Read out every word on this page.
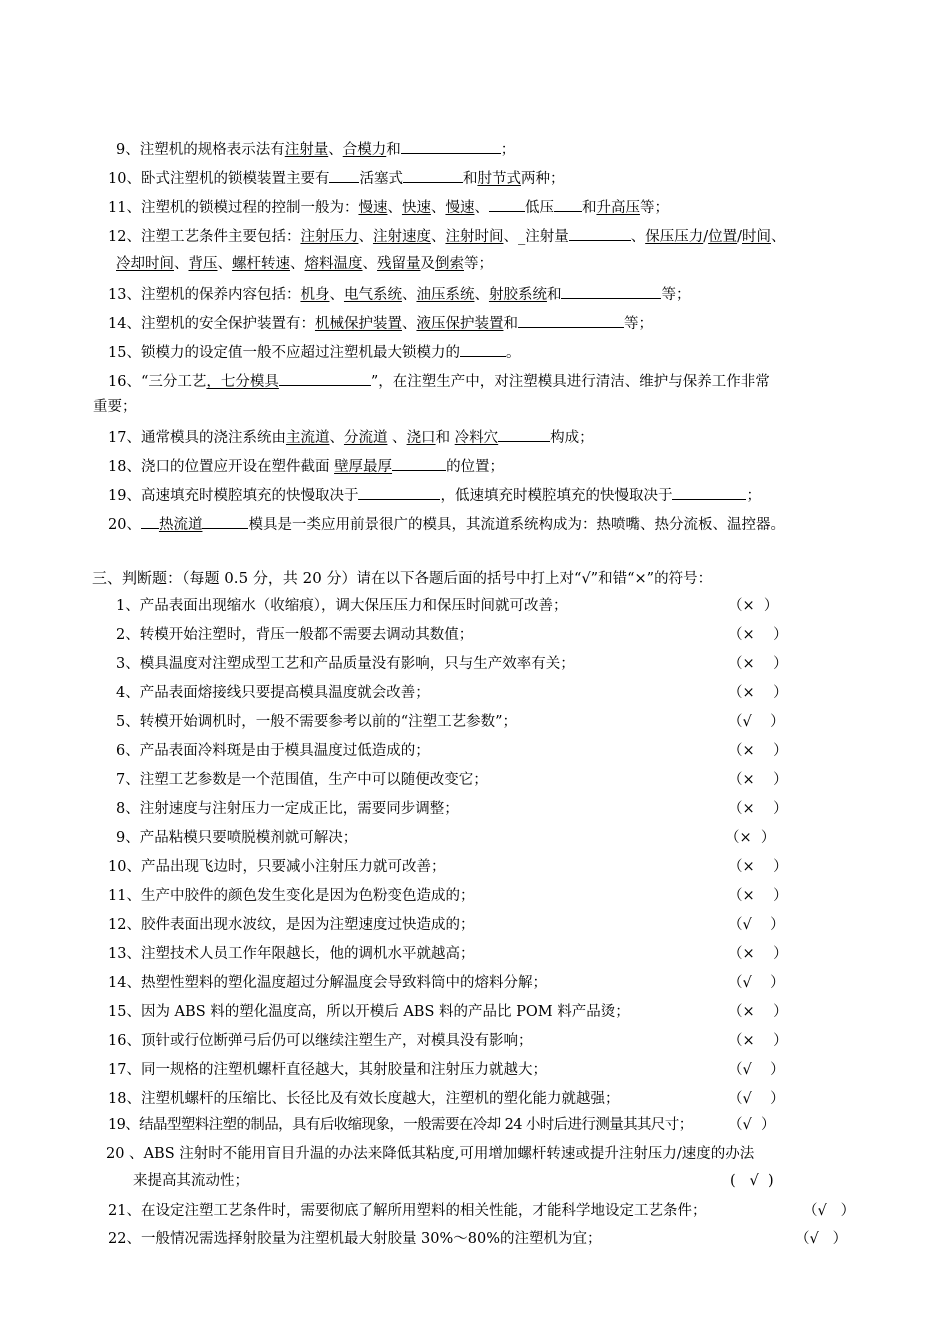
9、注塑机的规格表示法有注射量、合模力和	；
10、卧式注塑机的锁模装置主要有 活塞式	和肘节式两种；
11、注塑机的锁模过程的控制一般为：慢速、快速、慢速、 低压 和升高压等；
12、注塑工艺条件主要包括：注射压力、注射速度、注射时间、_注射量	、保压压力/位置/时间、
冷却时间、背压、螺杆转速、熔料温度、残留量及倒索等；
13、注塑机的保养内容包括：机身、电气系统、油压系统、射胶系统和	等；
14、注塑机的安全保护装置有：机械保护装置、液压保护装置和	等；
15、锁模力的设定值一般不应超过注塑机最大锁模力的	。
16、“三分工艺，七分模具	”，在注塑生产中，对注塑模具进行清洁、维护与保养工作非常
重要；
17、通常模具的浇注系统由主流道、分流道 、浇口和 冷料穴	构成；
18、浇口的位置应开设在塑件截面 壁厚最厚	的位置；
19、高速填充时模腔填充的快慢取决于	，低速填充时模腔填充的快慢取决于	；
20、 热流道	模具是一类应用前景很广的模具，其流道系统构成为：热喷嘴、热分流板、温控器。
三、判断题：（每题 0.5 分，共 20 分）请在以下各题后面的括号中打上对“√”和错“×”的符号：
1、产品表面出现缩水（收缩痕），调大保压压力和保压时间就可改善；	（×  ）
2、转模开始注塑时，背压一般都不需要去调动其数值；	（×    ）
3、模具温度对注塑成型工艺和产品质量没有影响，只与生产效率有关；	（×    ）
4、产品表面熔接线只要提高模具温度就会改善；	（×    ）
5、转模开始调机时，一般不需要参考以前的“注塑工艺参数”；	（√    ）
6、产品表面冷料斑是由于模具温度过低造成的；	（×    ）
7、注塑工艺参数是一个范围值，生产中可以随便改变它；	（×    ）
8、注射速度与注射压力一定成正比，需要同步调整；	（×    ）
9、产品粘模只要喷脱模剂就可解决；	（×  ）
10、产品出现飞边时，只要减小注射压力就可改善；	（×    ）
11、生产中胶件的颜色发生变化是因为色粉变色造成的；	（×    ）
12、胶件表面出现水波纹，是因为注塑速度过快造成的；	（√    ）
13、注塑技术人员工作年限越长，他的调机水平就越高；	（×    ）
14、热塑性塑料的塑化温度超过分解温度会导致料筒中的熔料分解；	（√    ）
15、因为 ABS 料的塑化温度高，所以开模后 ABS 料的产品比 POM 料产品烫；	（×    ）
16、顶针或行位断弹弓后仍可以继续注塑生产，对模具没有影响；	（×    ）
17、同一规格的注塑机螺杆直径越大，其射胶量和注射压力就越大；	（√    ）
18、注塑机螺杆的压缩比、长径比及有效长度越大，注塑机的塑化能力就越强；	（√    ）
19、结晶型塑料注塑的制品，具有后收缩现象，一般需要在冷却 24 小时后进行测量其其尺寸； （√  ）
20 、ABS 注射时不能用盲目升温的办法来降低其粘度,可用增加螺杆转速或提升注射压力/速度的办法
来提高其流动性；	(   √  )
21、在设定注塑工艺条件时，需要彻底了解所用塑料的相关性能，才能科学地设定工艺条件；	（√   ）
22、一般情况需选择射胶量为注塑机最大射胶量 30%～80%的注塑机为宜；	（√   ）
